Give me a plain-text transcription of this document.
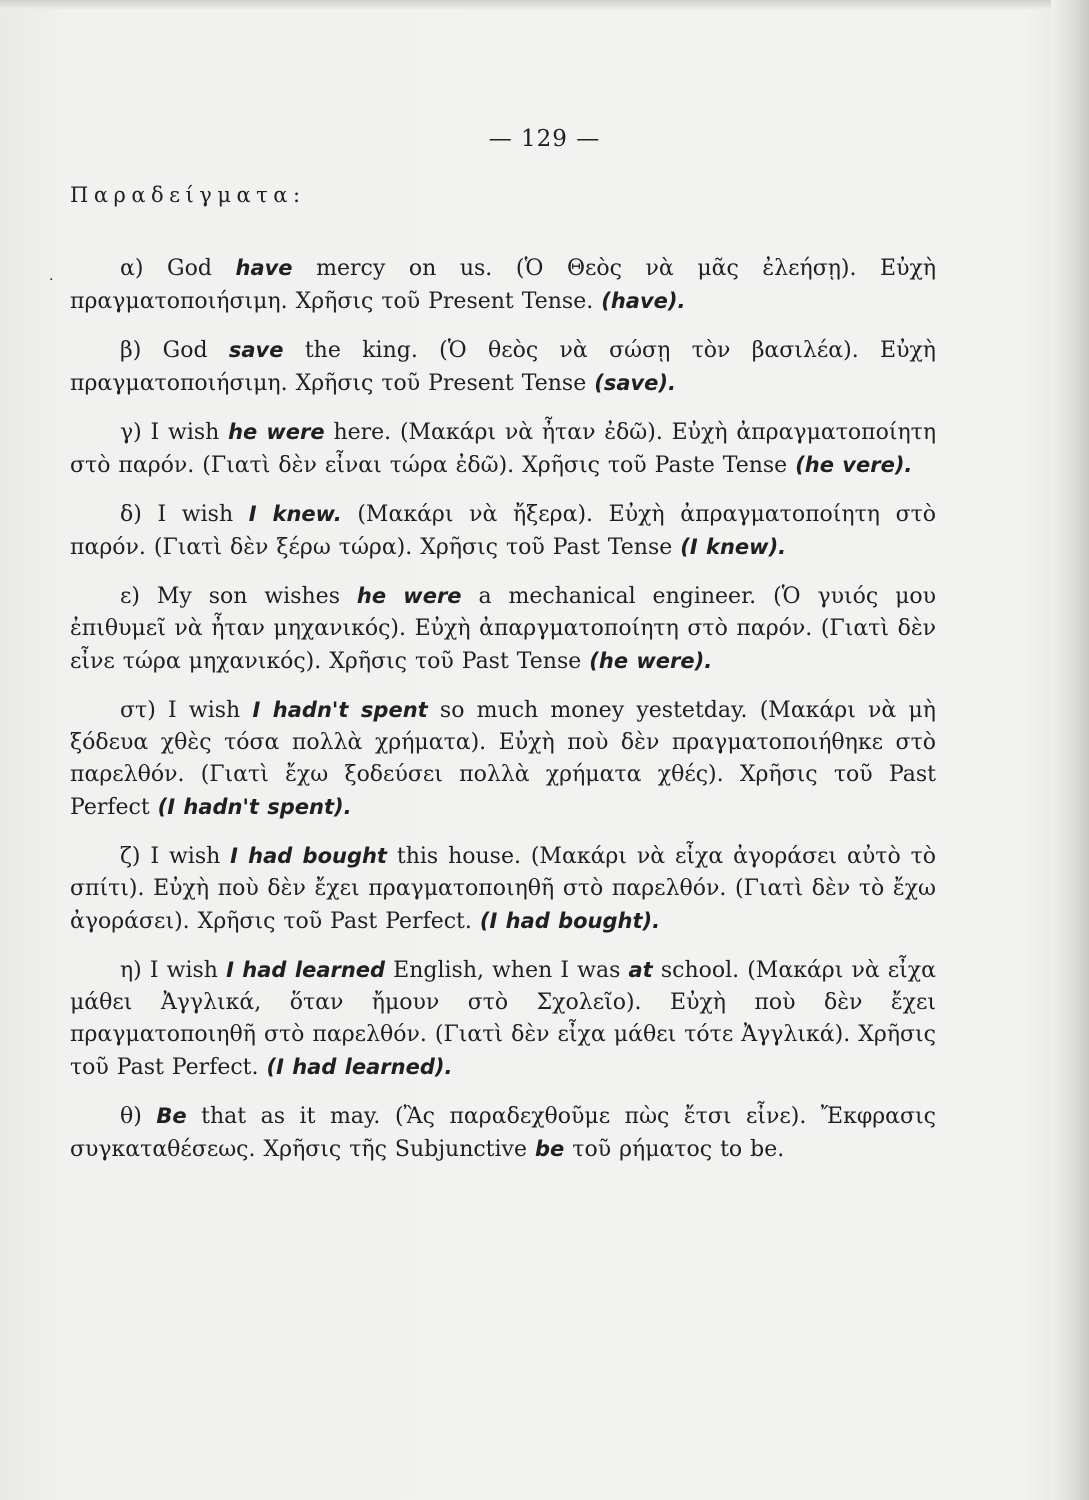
— 129 —
Παραδείγματα:
·	α) God have mercy on us. (Ὁ Θεὸς νὰ μᾶς ἐλεήσῃ). Εὐχὴ πραγματοποιήσιμη. Χρῆσις τοῦ Present Tense. (have).

β) God save the king. (Ὁ θεὸς νὰ σώσῃ τὸν βασιλέα). Εὐχὴ πραγματοποιήσιμη. Χρῆσις τοῦ Present Tense (save).

γ) I wish he were here. (Μακάρι νὰ ἦταν ἐδῶ). Εὐχὴ ἀπραγματοποίητη στὸ παρόν. (Γιατὶ δὲν εἶναι τώρα ἐδῶ). Χρῆσις τοῦ Paste Tense (he vere).

δ) I wish I knew. (Μακάρι νὰ ἤξερα). Εὐχὴ ἀπραγματοποίητη στὸ παρόν. (Γιατὶ δὲν ξέρω τώρα). Χρῆσις τοῦ Past Tense (I knew).

ε) My son wishes he were a mechanical engineer. (Ὁ γυιός μου ἐπιθυμεῖ νὰ ἦταν μηχανικός). Εὐχὴ ἀπαργματοποίητη στὸ παρόν. (Γιατὶ δὲν εἶνε τώρα μηχανικός). Χρῆσις τοῦ Past Tense (he were).

στ) I wish I hadn't spent so much money yestetday. (Μακάρι νὰ μὴ ξόδευα χθὲς τόσα πολλὰ χρήματα). Εὐχὴ ποὺ δὲν πραγματοποιήθηκε στὸ παρελθόν. (Γιατὶ ἔχω ξοδεύσει πολλὰ χρήματα χθές). Χρῆσις τοῦ Past Perfect (I hadn't spent).

ζ) I wish I had bought this house. (Μακάρι νὰ εἶχα ἀγοράσει αὐτὸ τὸ σπίτι). Εὐχὴ ποὺ δὲν ἔχει πραγματοποιηθῆ στὸ παρελθόν. (Γιατὶ δὲν τὸ ἔχω ἀγοράσει). Χρῆσις τοῦ Past Perfect. (I had bought).

η) I wish I had learned English, when I was at school. (Μακάρι νὰ εἶχα μάθει Ἀγγλικά, ὅταν ἤμουν στὸ Σχολεῖο). Εὐχὴ ποὺ δὲν ἔχει πραγματοποιηθῆ στὸ παρελθόν. (Γιατὶ δὲν εἶχα μάθει τότε Ἀγγλικά). Χρῆσις τοῦ Past Perfect. (I had learned).

θ) Be that as it may. (Ἂς παραδεχθοῦμε πὼς ἔτσι εἶνε). Ἔκφρασις συγκαταθέσεως. Χρῆσις τῆς Subjunctive be τοῦ ρήματος to be.
